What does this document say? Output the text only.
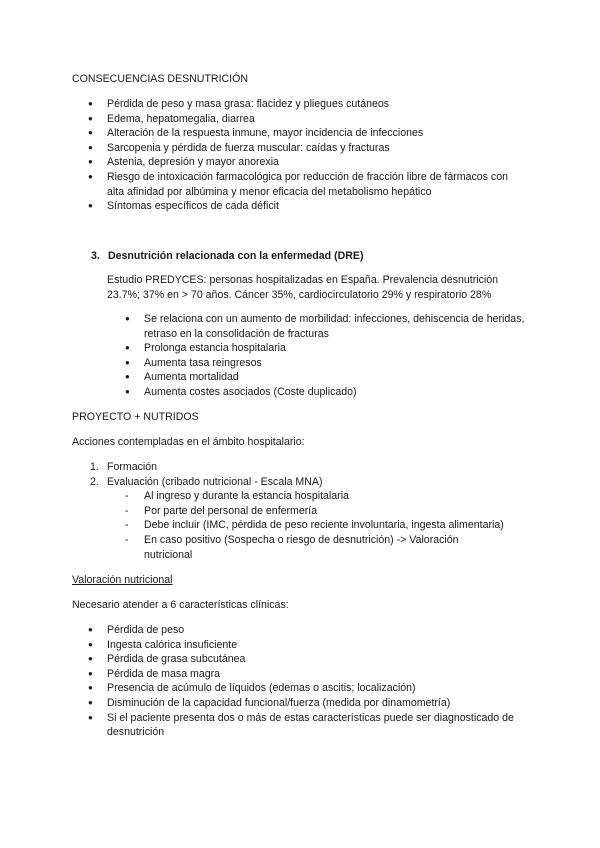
CONSECUENCIAS DESNUTRICIÓN

● Pérdida de peso y masa grasa: flacidez y pliegues cutáneos
● Edema, hepatomegalia, diarrea
● Alteración de la respuesta inmune, mayor incidencia de infecciones
● Sarcopenia y pérdida de fuerza muscular: caídas y fracturas
● Astenia, depresión y mayor anorexia
● Riesgo de intoxicación farmacológica por reducción de fracción libre de fármacos con alta afinidad por albúmina y menor eficacia del metabolismo hepático
● Síntomas específicos de cada déficit

3. Desnutrición relacionada con la enfermedad (DRE)

Estudio PREDYCES: personas hospitalizadas en España. Prevalencia desnutrición 23.7%; 37% en > 70 años. Cáncer 35%, cardiocirculatorio 29% y respiratorio 28%

● Se relaciona con un aumento de morbilidad: infecciones, dehiscencia de heridas, retraso en la consolidación de fracturas
● Prolonga estancia hospitalaria
● Aumenta tasa reingresos
● Aumenta mortalidad
● Aumenta costes asociados (Coste duplicado)

PROYECTO + NUTRIDOS

Acciones contempladas en el ámbito hospitalario:

1. Formación
2. Evaluación (cribado nutricional - Escala MNA)
- Al ingreso y durante la estancia hospitalaria
- Por parte del personal de enfermería
- Debe incluir (IMC, pérdida de peso reciente involuntaria, ingesta alimentaria)
- En caso positivo (Sospecha o riesgo de desnutrición) -> Valoración nutricional

Valoración nutricional

Necesario atender a 6 características clínicas:

● Pérdida de peso
● Ingesta calórica insuficiente
● Pérdida de grasa subcutánea
● Pérdida de masa magra
● Presencia de acúmulo de líquidos (edemas o ascitis; localización)
● Disminución de la capacidad funcional/fuerza (medida por dinamometría)
● Si el paciente presenta dos o más de estas características puede ser diagnosticado de desnutrición
